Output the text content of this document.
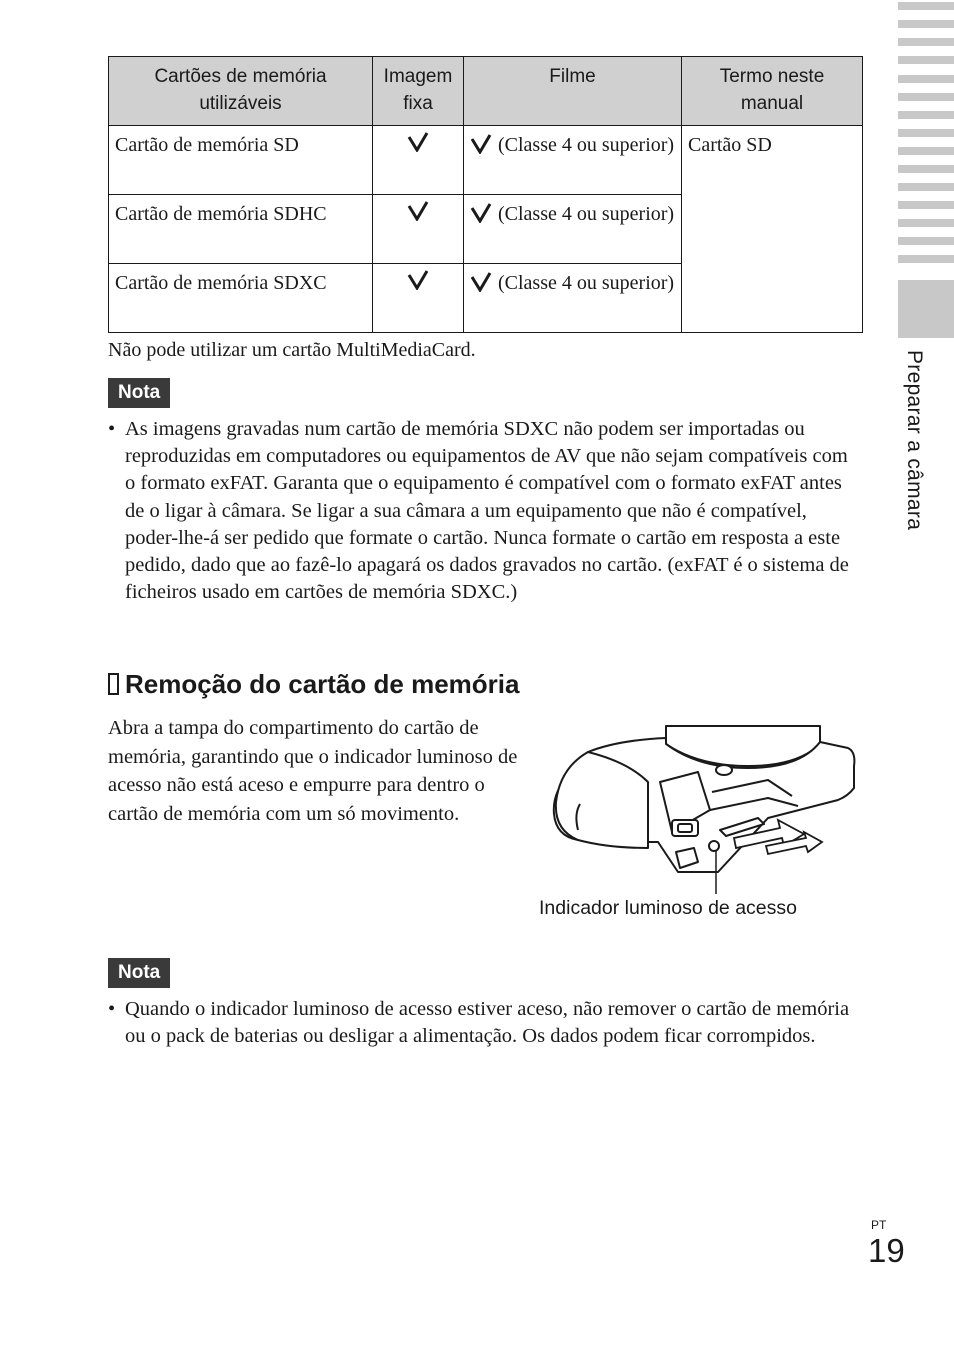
Preparar a câmara
Cartões de memória utilizáveis	Imagem fixa	Filme	Termo neste manual
Cartão de memória SD		(Classe 4 ou superior)	Cartão SD
Cartão de memória SDHC		(Classe 4 ou superior)	

Cartão de memória SDXC		(Classe 4 ou superior)	
Não pode utilizar um cartão MultiMediaCard.
Nota
• As imagens gravadas num cartão de memória SDXC não podem ser importadas ou reproduzidas em computadores ou equipamentos de AV que não sejam compatíveis com o formato exFAT. Garanta que o equipamento é compatível com o formato exFAT antes de o ligar à câmara. Se ligar a sua câmara a um equipamento que não é compatível, poder-lhe-á ser pedido que formate o cartão. Nunca formate o cartão em resposta a este pedido, dado que ao fazê-lo apagará os dados gravados no cartão. (exFAT é o sistema de ficheiros usado em cartões de memória SDXC.)
Remoção do cartão de memória
Abra a tampa do compartimento do cartão de memória, garantindo que o indicador luminoso de acesso não está aceso e empurre para dentro o cartão de memória com um só movimento.
Indicador luminoso de acesso
Nota
• Quando o indicador luminoso de acesso estiver aceso, não remover o cartão de memória ou o pack de baterias ou desligar a alimentação. Os dados podem ficar corrompidos.
PT
19
